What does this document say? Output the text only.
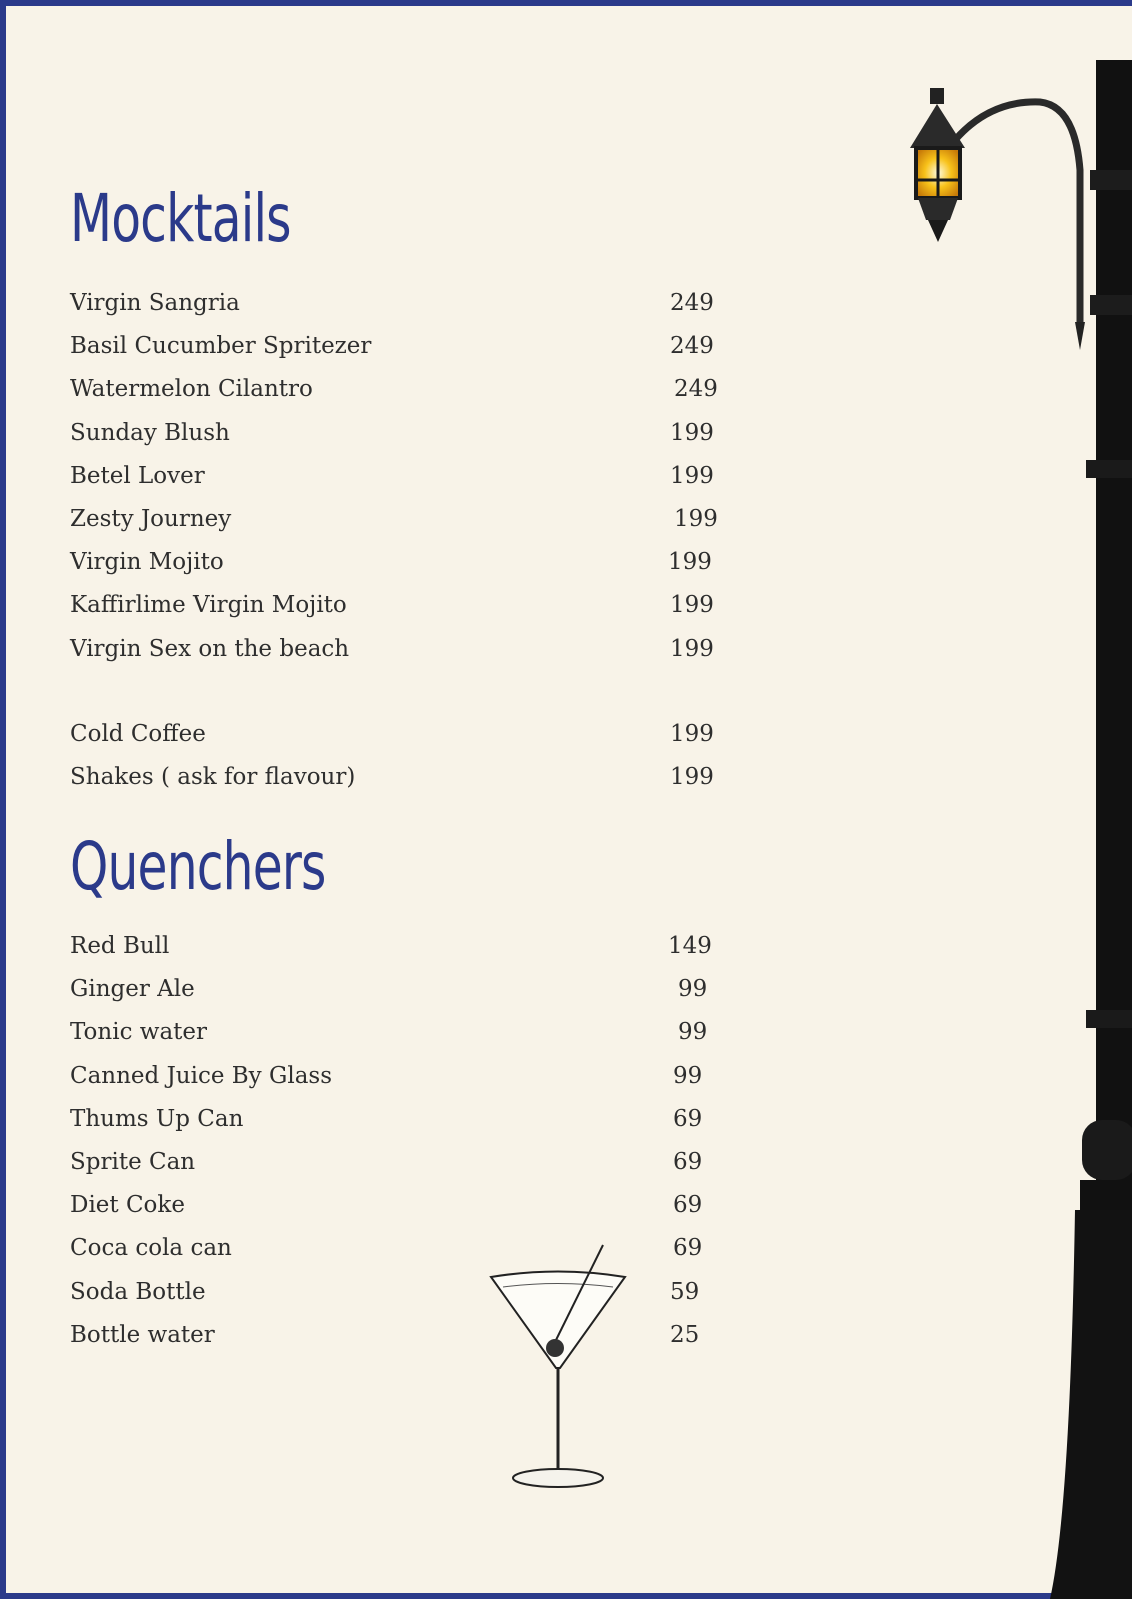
Mocktails
Virgin Sangria	249
Basil Cucumber Spritezer	249
Watermelon Cilantro	249
Sunday Blush	199
Betel Lover	199
Zesty Journey	199
Virgin Mojito	199
Kaffirlime Virgin Mojito	199
Virgin Sex on the beach	199
Cold Coffee	199
Shakes ( ask for flavour)	199
Quenchers
Red Bull	149
Ginger Ale	99
Tonic water	99
Canned Juice By Glass	99
Thums Up Can	69
Sprite Can	69
Diet Coke	69
Coca cola can	69
Soda Bottle	59
Bottle water	25
